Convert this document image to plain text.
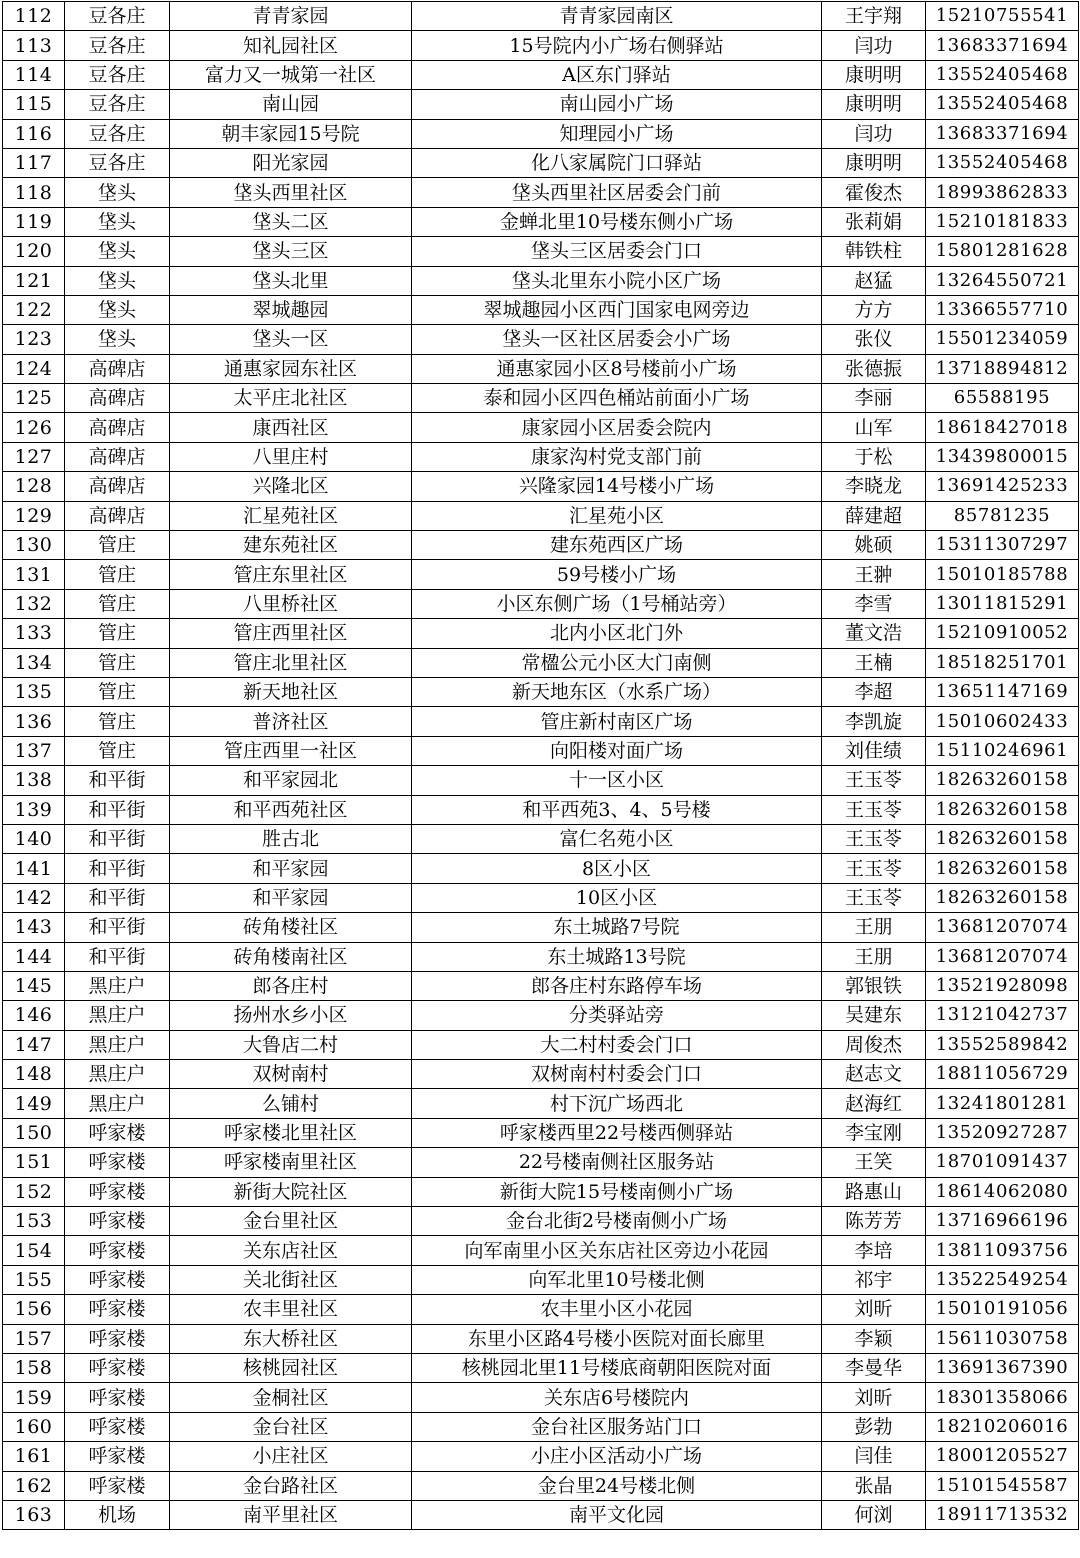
112	豆各庄	青青家园	青青家园南区	王宇翔	15210755541
113	豆各庄	知礼园社区	15号院内小广场右侧驿站	闫功	13683371694
114	豆各庄	富力又一城第一社区	A区东门驿站	康明明	13552405468
115	豆各庄	南山园	南山园小广场	康明明	13552405468
116	豆各庄	朝丰家园15号院	知理园小广场	闫功	13683371694
117	豆各庄	阳光家园	化八家属院门口驿站	康明明	13552405468
118	垡头	垡头西里社区	垡头西里社区居委会门前	霍俊杰	18993862833
119	垡头	垡头二区	金蝉北里10号楼东侧小广场	张莉娟	15210181833
120	垡头	垡头三区	垡头三区居委会门口	韩铁柱	15801281628
121	垡头	垡头北里	垡头北里东小院小区广场	赵猛	13264550721
122	垡头	翠城趣园	翠城趣园小区西门国家电网旁边	方方	13366557710
123	垡头	垡头一区	垡头一区社区居委会小广场	张仪	15501234059
124	高碑店	通惠家园东社区	通惠家园小区8号楼前小广场	张德振	13718894812
125	高碑店	太平庄北社区	泰和园小区四色桶站前面小广场	李丽	65588195
126	高碑店	康西社区	康家园小区居委会院内	山军	18618427018
127	高碑店	八里庄村	康家沟村党支部门前	于松	13439800015
128	高碑店	兴隆北区	兴隆家园14号楼小广场	李晓龙	13691425233
129	高碑店	汇星苑社区	汇星苑小区	薛建超	85781235
130	管庄	建东苑社区	建东苑西区广场	姚硕	15311307297
131	管庄	管庄东里社区	59号楼小广场	王翀	15010185788
132	管庄	八里桥社区	小区东侧广场（1号桶站旁）	李雪	13011815291
133	管庄	管庄西里社区	北内小区北门外	董文浩	15210910052
134	管庄	管庄北里社区	常楹公元小区大门南侧	王楠	18518251701
135	管庄	新天地社区	新天地东区（水系广场）	李超	13651147169
136	管庄	普济社区	管庄新村南区广场	李凯旋	15010602433
137	管庄	管庄西里一社区	向阳楼对面广场	刘佳绩	15110246961
138	和平街	和平家园北	十一区小区	王玉苓	18263260158
139	和平街	和平西苑社区	和平西苑3、4、5号楼	王玉苓	18263260158
140	和平街	胜古北	富仁名苑小区	王玉苓	18263260158
141	和平街	和平家园	8区小区	王玉苓	18263260158
142	和平街	和平家园	10区小区	王玉苓	18263260158
143	和平街	砖角楼社区	东土城路7号院	王朋	13681207074
144	和平街	砖角楼南社区	东土城路13号院	王朋	13681207074
145	黑庄户	郎各庄村	郎各庄村东路停车场	郭银铁	13521928098
146	黑庄户	扬州水乡小区	分类驿站旁	吴建东	13121042737
147	黑庄户	大鲁店二村	大二村村委会门口	周俊杰	13552589842
148	黑庄户	双树南村	双树南村村委会门口	赵志文	18811056729
149	黑庄户	么铺村	村下沉广场西北	赵海红	13241801281
150	呼家楼	呼家楼北里社区	呼家楼西里22号楼西侧驿站	李宝刚	13520927287
151	呼家楼	呼家楼南里社区	22号楼南侧社区服务站	王笑	18701091437
152	呼家楼	新街大院社区	新街大院15号楼南侧小广场	路惠山	18614062080
153	呼家楼	金台里社区	金台北街2号楼南侧小广场	陈芳芳	13716966196
154	呼家楼	关东店社区	向军南里小区关东店社区旁边小花园	李培	13811093756
155	呼家楼	关北街社区	向军北里10号楼北侧	祁宇	13522549254
156	呼家楼	农丰里社区	农丰里小区小花园	刘昕	15010191056
157	呼家楼	东大桥社区	东里小区路4号楼小医院对面长廊里	李颖	15611030758
158	呼家楼	核桃园社区	核桃园北里11号楼底商朝阳医院对面	李曼华	13691367390
159	呼家楼	金桐社区	关东店6号楼院内	刘昕	18301358066
160	呼家楼	金台社区	金台社区服务站门口	彭勃	18210206016
161	呼家楼	小庄社区	小庄小区活动小广场	闫佳	18001205527
162	呼家楼	金台路社区	金台里24号楼北侧	张晶	15101545587
163	机场	南平里社区	南平文化园	何浏	18911713532
